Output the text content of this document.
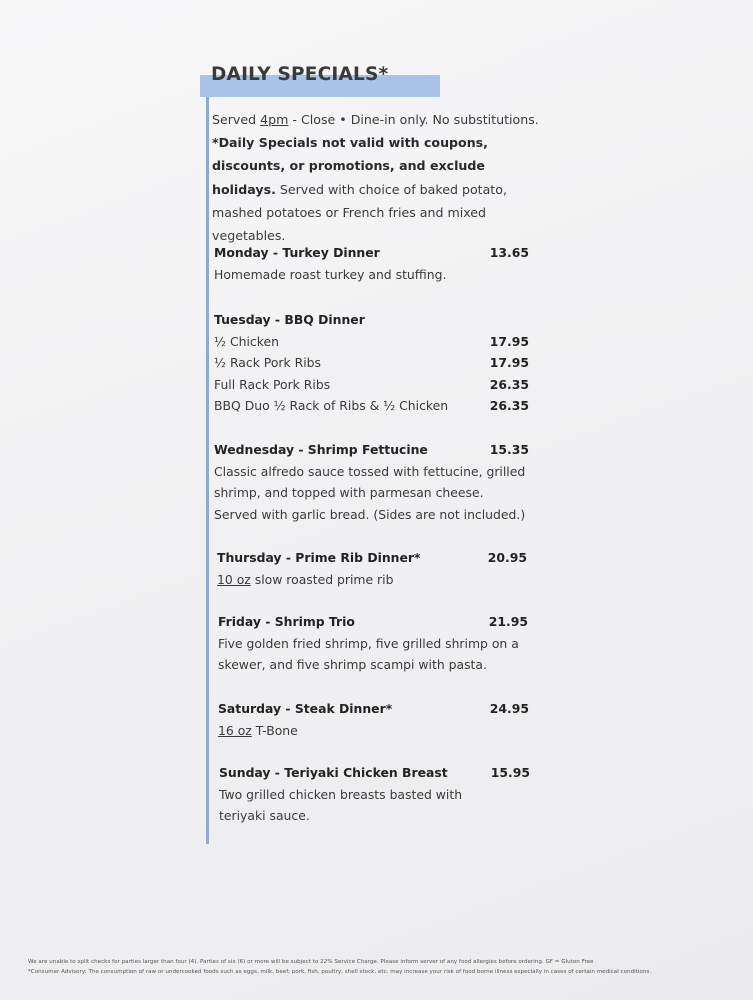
DAILY SPECIALS*
Served 4pm - Close • Dine-in only. No substitutions. *Daily Specials not valid with coupons, discounts, or promotions, and exclude holidays. Served with choice of baked potato, mashed potatoes or French fries and mixed vegetables.
Monday - Turkey Dinner	13.65
Homemade roast turkey and stuffing.
Tuesday - BBQ Dinner
½ Chicken	17.95
½ Rack Pork Ribs	17.95
Full Rack Pork Ribs	26.35
BBQ Duo ½ Rack of Ribs & ½ Chicken	26.35
Wednesday - Shrimp Fettucine	15.35
Classic alfredo sauce tossed with fettucine, grilled shrimp, and topped with parmesan cheese. Served with garlic bread. (Sides are not included.)
Thursday - Prime Rib Dinner*	20.95
10 oz slow roasted prime rib
Friday - Shrimp Trio	21.95
Five golden fried shrimp, five grilled shrimp on a skewer, and five shrimp scampi with pasta.
Saturday - Steak Dinner*	24.95
16 oz T-Bone
Sunday - Teriyaki Chicken Breast	15.95
Two grilled chicken breasts basted with teriyaki sauce.
We are unable to split checks for parties larger than four (4). Parties of six (6) or more will be subject to 22% Service Charge. Please inform server of any food allergies before ordering. GF = Gluten Free
*Consumer Advisory: The consumption of raw or undercooked foods such as eggs, milk, beef, pork, fish, poultry, shell stock, etc. may increase your risk of food borne illness especially in cases of certain medical conditions.
